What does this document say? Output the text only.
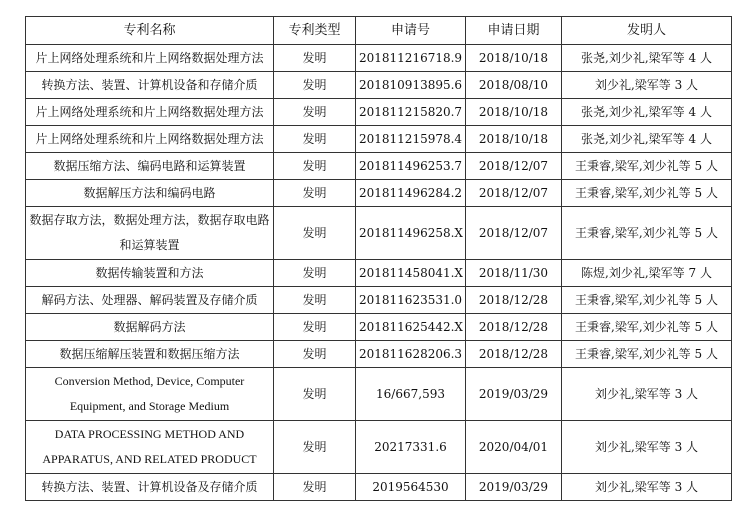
专利名称	专利类型	申请号	申请日期	发明人
片上网络处理系统和片上网络数据处理方法	发明	201811216718.9	2018/10/18	张尧,刘少礼,梁军等 4 人
转换方法、装置、计算机设备和存储介质	发明	201810913895.6	2018/08/10	刘少礼,梁军等 3 人
片上网络处理系统和片上网络数据处理方法	发明	201811215820.7	2018/10/18	张尧,刘少礼,梁军等 4 人
片上网络处理系统和片上网络数据处理方法	发明	201811215978.4	2018/10/18	张尧,刘少礼,梁军等 4 人
数据压缩方法、编码电路和运算装置	发明	201811496253.7	2018/12/07	王秉睿,梁军,刘少礼等 5 人
数据解压方法和编码电路	发明	201811496284.2	2018/12/07	王秉睿,梁军,刘少礼等 5 人
数据存取方法，数据处理方法，数据存取电路和运算装置	发明	201811496258.X	2018/12/07	王秉睿,梁军,刘少礼等 5 人
数据传输装置和方法	发明	201811458041.X	2018/11/30	陈煜,刘少礼,梁军等 7 人
解码方法、处理器、解码装置及存储介质	发明	201811623531.0	2018/12/28	王秉睿,梁军,刘少礼等 5 人
数据解码方法	发明	201811625442.X	2018/12/28	王秉睿,梁军,刘少礼等 5 人
数据压缩解压装置和数据压缩方法	发明	201811628206.3	2018/12/28	王秉睿,梁军,刘少礼等 5 人
Conversion Method, Device, Computer Equipment, and Storage Medium	发明	16/667,593	2019/03/29	刘少礼,梁军等 3 人
DATA PROCESSING METHOD AND APPARATUS, AND RELATED PRODUCT	发明	20217331.6	2020/04/01	刘少礼,梁军等 3 人
转换方法、装置、计算机设备及存储介质	发明	2019564530	2019/03/29	刘少礼,梁军等 3 人
